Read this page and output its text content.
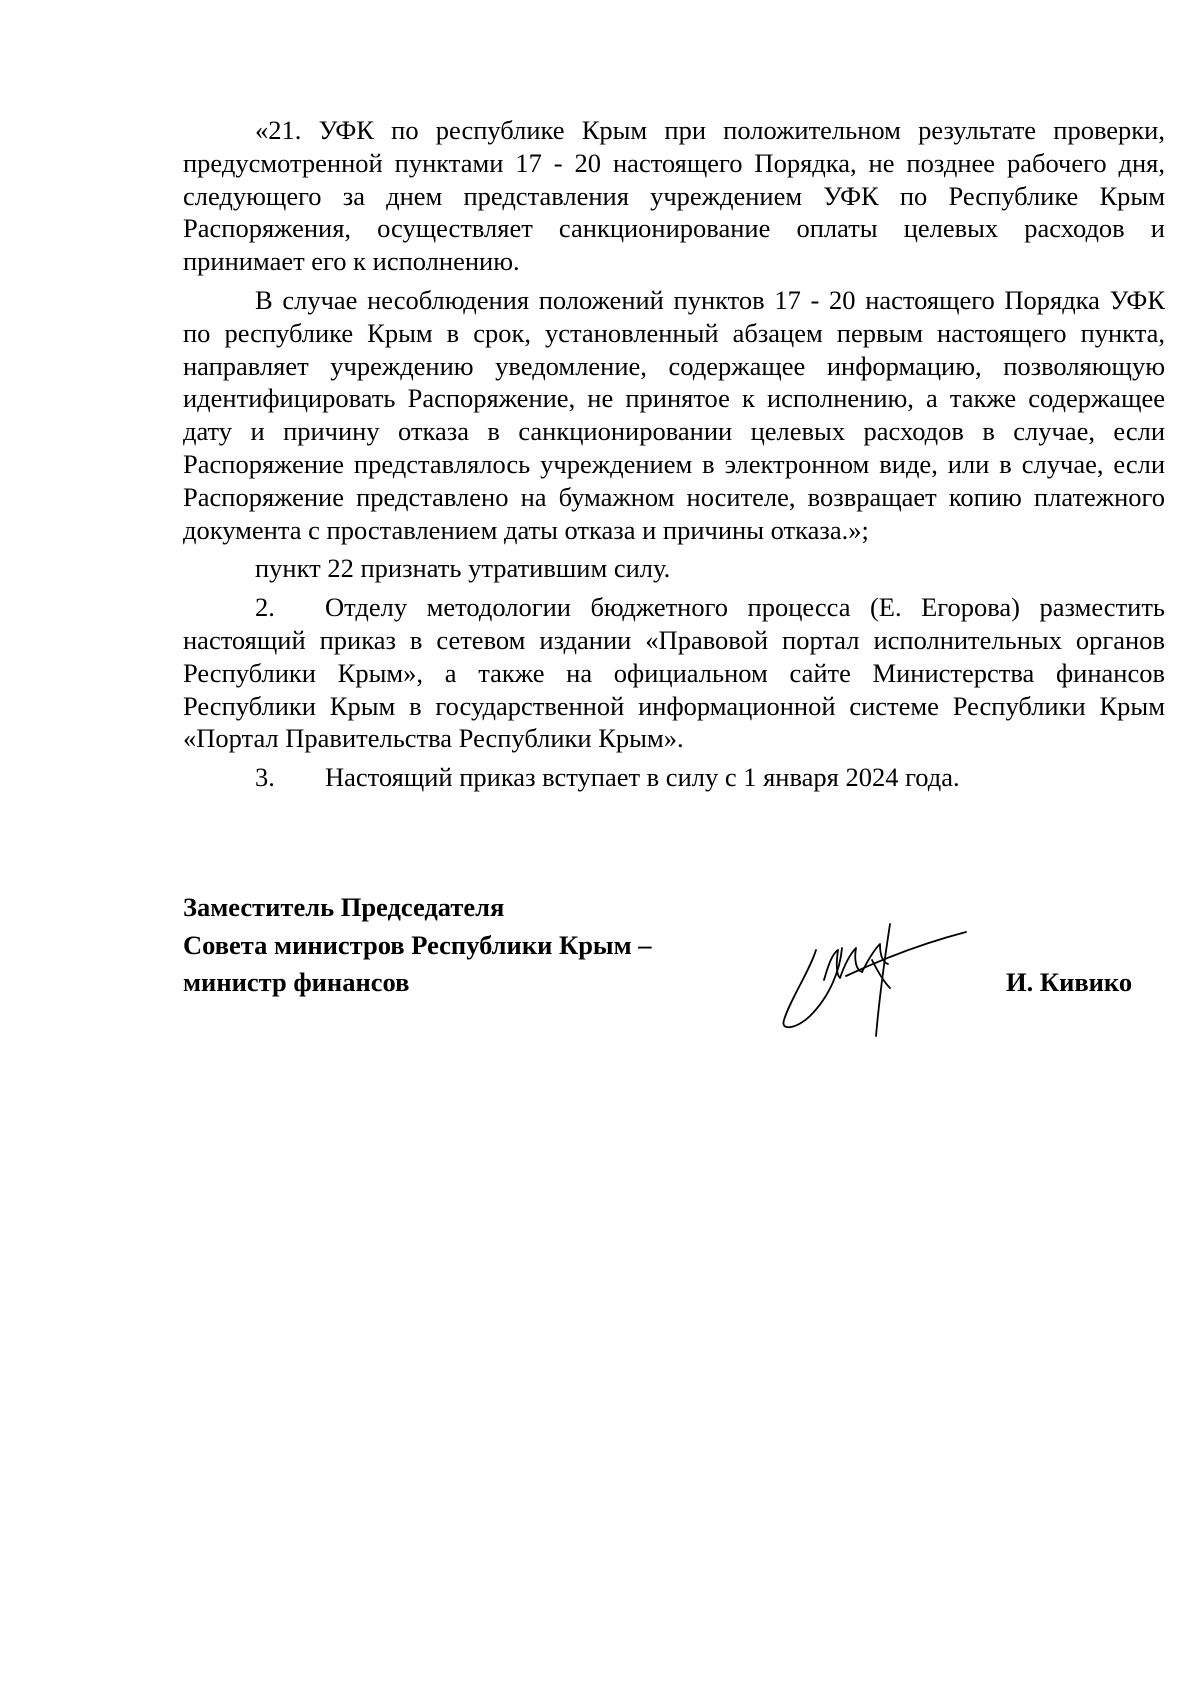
«21. УФК по республике Крым при положительном результате проверки, предусмотренной пунктами 17 - 20 настоящего Порядка, не позднее рабочего дня, следующего за днем представления учреждением УФК по Республике Крым Распоряжения, осуществляет санкционирование оплаты целевых расходов и принимает его к исполнению.

В случае несоблюдения положений пунктов 17 - 20 настоящего Порядка УФК по республике Крым в срок, установленный абзацем первым настоящего пункта, направляет учреждению уведомление, содержащее информацию, позволяющую идентифицировать Распоряжение, не принятое к исполнению, а также содержащее дату и причину отказа в санкционировании целевых расходов в случае, если Распоряжение представлялось учреждением в электронном виде, или в случае, если Распоряжение представлено на бумажном носителе, возвращает копию платежного документа с проставлением даты отказа и причины отказа.»;

пункт 22 признать утратившим силу.

2. Отделу методологии бюджетного процесса (Е. Егорова) разместить настоящий приказ в сетевом издании «Правовой портал исполнительных органов Республики Крым», а также на официальном сайте Министерства финансов Республики Крым в государственной информационной системе Республики Крым «Портал Правительства Республики Крым».

3. Настоящий приказ вступает в силу с 1 января 2024 года.

Заместитель Председателя
Совета министров Республики Крым –
министр финансов	И. Кивико
